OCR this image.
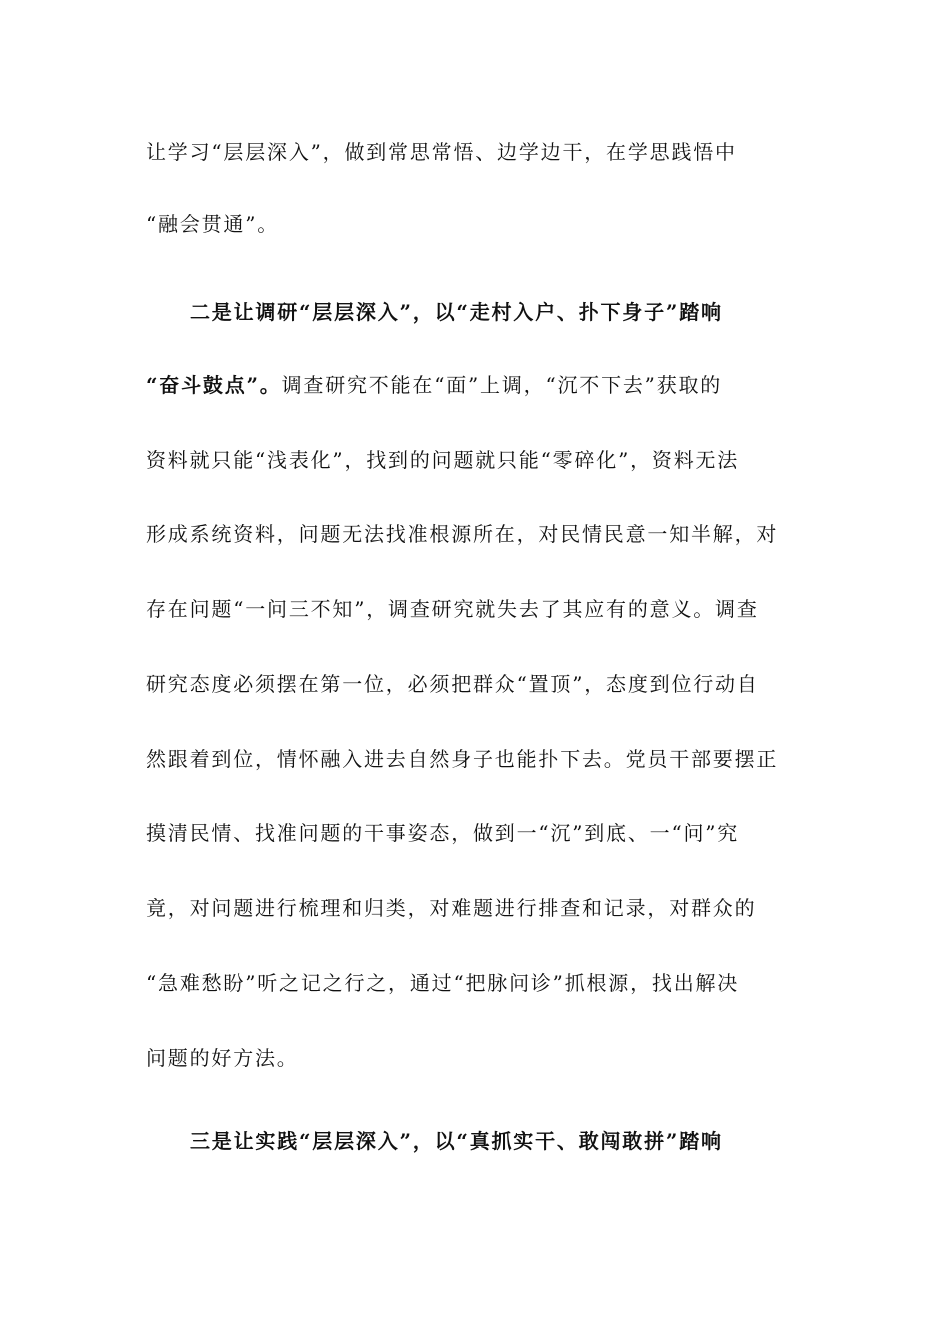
让学习“层层深入”，做到常思常悟、边学边干，在学思践悟中
“融会贯通”。
二是让调研“层层深入”，以“走村入户、扑下身子”踏响
“奋斗鼓点”。调查研究不能在“面”上调，“沉不下去”获取的
资料就只能“浅表化”，找到的问题就只能“零碎化”，资料无法
形成系统资料，问题无法找准根源所在，对民情民意一知半解，对
存在问题“一问三不知”，调查研究就失去了其应有的意义。调查
研究态度必须摆在第一位，必须把群众“置顶”，态度到位行动自
然跟着到位，情怀融入进去自然身子也能扑下去。党员干部要摆正
摸清民情、找准问题的干事姿态，做到一“沉”到底、一“问”究
竟，对问题进行梳理和归类，对难题进行排查和记录，对群众的
“急难愁盼”听之记之行之，通过“把脉问诊”抓根源，找出解决
问题的好方法。
三是让实践“层层深入”，以“真抓实干、敢闯敢拼”踏响
